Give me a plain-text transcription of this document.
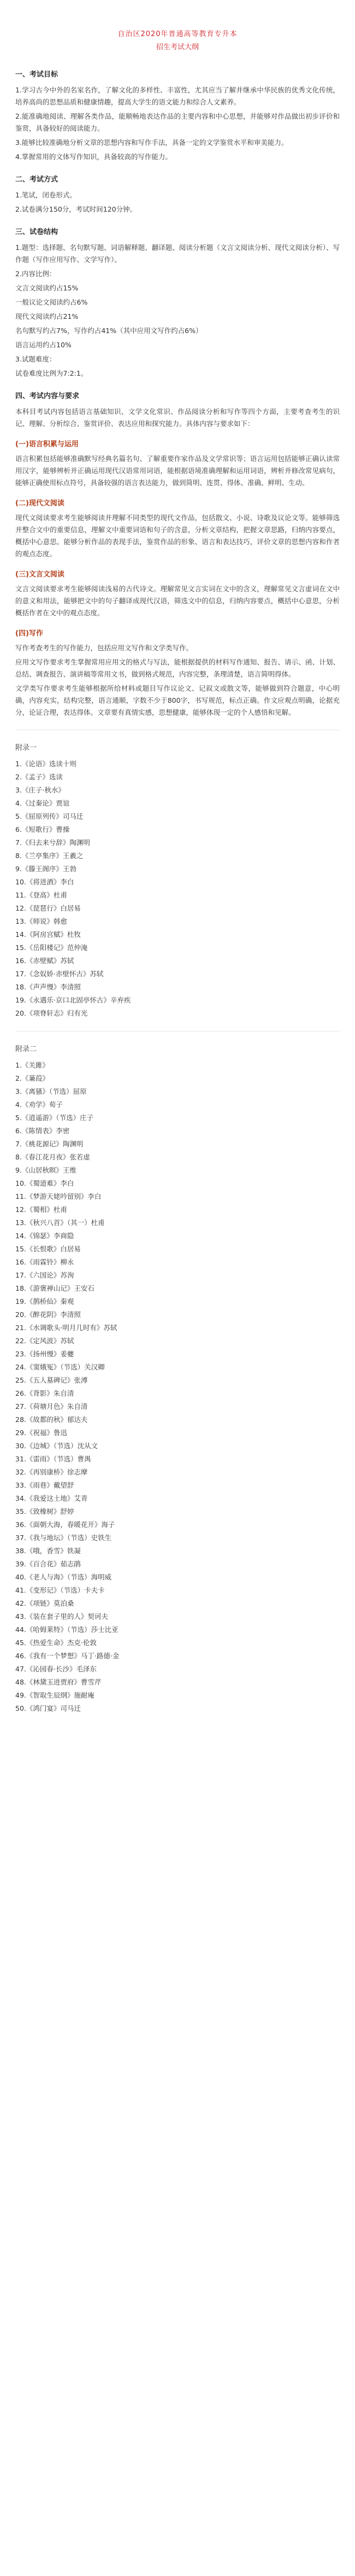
自治区2020年普通高等教育专升本
招生考试大纲
一、考试目标

1.学习古今中外的名家名作，了解文化的多样性、丰富性，尤其应当了解并继承中华民族的优秀文化传统，培养高尚的思想品质和健康情趣，提高大学生的语文能力和综合人文素养。

2.能准确地阅读、理解各类作品，能顺畅地表达作品的主要内容和中心思想，并能够对作品做出初步评价和鉴赏，具备较好的阅读能力。

3.能够比较准确地分析文章的思想内容和写作手法，具备一定的文学鉴赏水平和审美能力。

4.掌握常用的文体写作知识，具备较高的写作能力。

二、考试方式

1.笔试，闭卷形式。

2.试卷满分150分，考试时间120分钟。

三、试卷结构

1.题型：选择题、名句默写题、词语解释题、翻译题、阅读分析题（文言文阅读分析、现代文阅读分析）、写作题（写作应用写作、文学写作）。

2.内容比例：

文言文阅读约占15%

一般议论文阅读约占6%

现代文阅读约占21%

名句默写约占7%，写作约占41%（其中应用文写作约占6%）

语言运用约占10%

3.试题难度：

试卷难度比例为7:2:1。

四、考试内容与要求

本科目考试内容包括语言基础知识、文学文化常识、作品阅读分析和写作等四个方面，主要考查考生的识记、理解、分析综合、鉴赏评价、表达应用和探究能力。具体内容与要求如下：

(一)语言积累与运用

语言积累包括能够准确默写经典名篇名句、了解重要作家作品及文学常识等；语言运用包括能够正确认读常用汉字，能够辨析并正确运用现代汉语常用词语，能根据语境准确理解和运用词语，辨析并修改常见病句，能够正确使用标点符号，具备较强的语言表达能力，做到简明、连贯、得体、准确、鲜明、生动。

(二)现代文阅读

现代文阅读要求考生能够阅读并理解不同类型的现代文作品，包括散文、小说、诗歌及议论文等。能够筛选并整合文中的重要信息，理解文中重要词语和句子的含意，分析文章结构，把握文章思路，归纳内容要点，概括中心意思。能够分析作品的表现手法，鉴赏作品的形象、语言和表达技巧，评价文章的思想内容和作者的观点态度。

(三)文言文阅读

文言文阅读要求考生能够阅读浅易的古代诗文。理解常见文言实词在文中的含义，理解常见文言虚词在文中的意义和用法，能够把文中的句子翻译成现代汉语，筛选文中的信息，归纳内容要点，概括中心意思，分析概括作者在文中的观点态度。

(四)写作

写作考查考生的写作能力，包括应用文写作和文学类写作。

应用文写作要求考生掌握常用应用文的格式与写法，能根据提供的材料写作通知、报告、请示、函、计划、总结、调查报告、演讲稿等常用文书，做到格式规范，内容完整，条理清楚，语言简明得体。

文学类写作要求考生能够根据所给材料或题目写作议论文、记叙文或散文等，能够做到符合题意，中心明确，内容充实，结构完整，语言通顺，字数不少于800字，书写规范，标点正确。作文应观点明确，论据充分，论证合理，表达得体。文章要有真情实感，思想健康，能够体现一定的个人感悟和见解。

附录一
1.《论语》选读十则
2.《孟子》选读
3.《庄子·秋水》
4.《过秦论》贾谊
5.《屈原列传》司马迁
6.《短歌行》曹操
7.《归去来兮辞》陶渊明
8.《兰亭集序》王羲之
9.《滕王阁序》王勃
10.《将进酒》李白
11.《登高》杜甫
12.《琵琶行》白居易
13.《师说》韩愈
14.《阿房宫赋》杜牧
15.《岳阳楼记》范仲淹
16.《赤壁赋》苏轼
17.《念奴娇·赤壁怀古》苏轼
18.《声声慢》李清照
19.《永遇乐·京口北固亭怀古》辛弃疾
20.《项脊轩志》归有光
附录二
1.《关雎》
2.《蒹葭》
3.《离骚》（节选）屈原
4.《劝学》荀子
5.《逍遥游》（节选）庄子
6.《陈情表》李密
7.《桃花源记》陶渊明
8.《春江花月夜》张若虚
9.《山居秋暝》王维
10.《蜀道难》李白
11.《梦游天姥吟留别》李白
12.《蜀相》杜甫
13.《秋兴八首》（其一）杜甫
14.《锦瑟》李商隐
15.《长恨歌》白居易
16.《雨霖铃》柳永
17.《六国论》苏洵
18.《游褒禅山记》王安石
19.《鹊桥仙》秦观
20.《醉花阴》李清照
21.《水调歌头·明月几时有》苏轼
22.《定风波》苏轼
23.《扬州慢》姜夔
24.《窦娥冤》（节选）关汉卿
25.《五人墓碑记》张溥
26.《背影》朱自清
27.《荷塘月色》朱自清
28.《故都的秋》郁达夫
29.《祝福》鲁迅
30.《边城》（节选）沈从文
31.《雷雨》（节选）曹禺
32.《再别康桥》徐志摩
33.《雨巷》戴望舒
34.《我爱这土地》艾青
35.《致橡树》舒婷
36.《面朝大海，春暖花开》海子
37.《我与地坛》（节选）史铁生
38.《哦，香雪》铁凝
39.《百合花》茹志鹃
40.《老人与海》（节选）海明威
41.《变形记》（节选）卡夫卡
42.《项链》莫泊桑
43.《装在套子里的人》契诃夫
44.《哈姆莱特》（节选）莎士比亚
45.《热爱生命》杰克·伦敦
46.《我有一个梦想》马丁·路德·金
47.《沁园春·长沙》毛泽东
48.《林黛玉进贾府》曹雪芹
49.《智取生辰纲》施耐庵
50.《鸿门宴》司马迁
